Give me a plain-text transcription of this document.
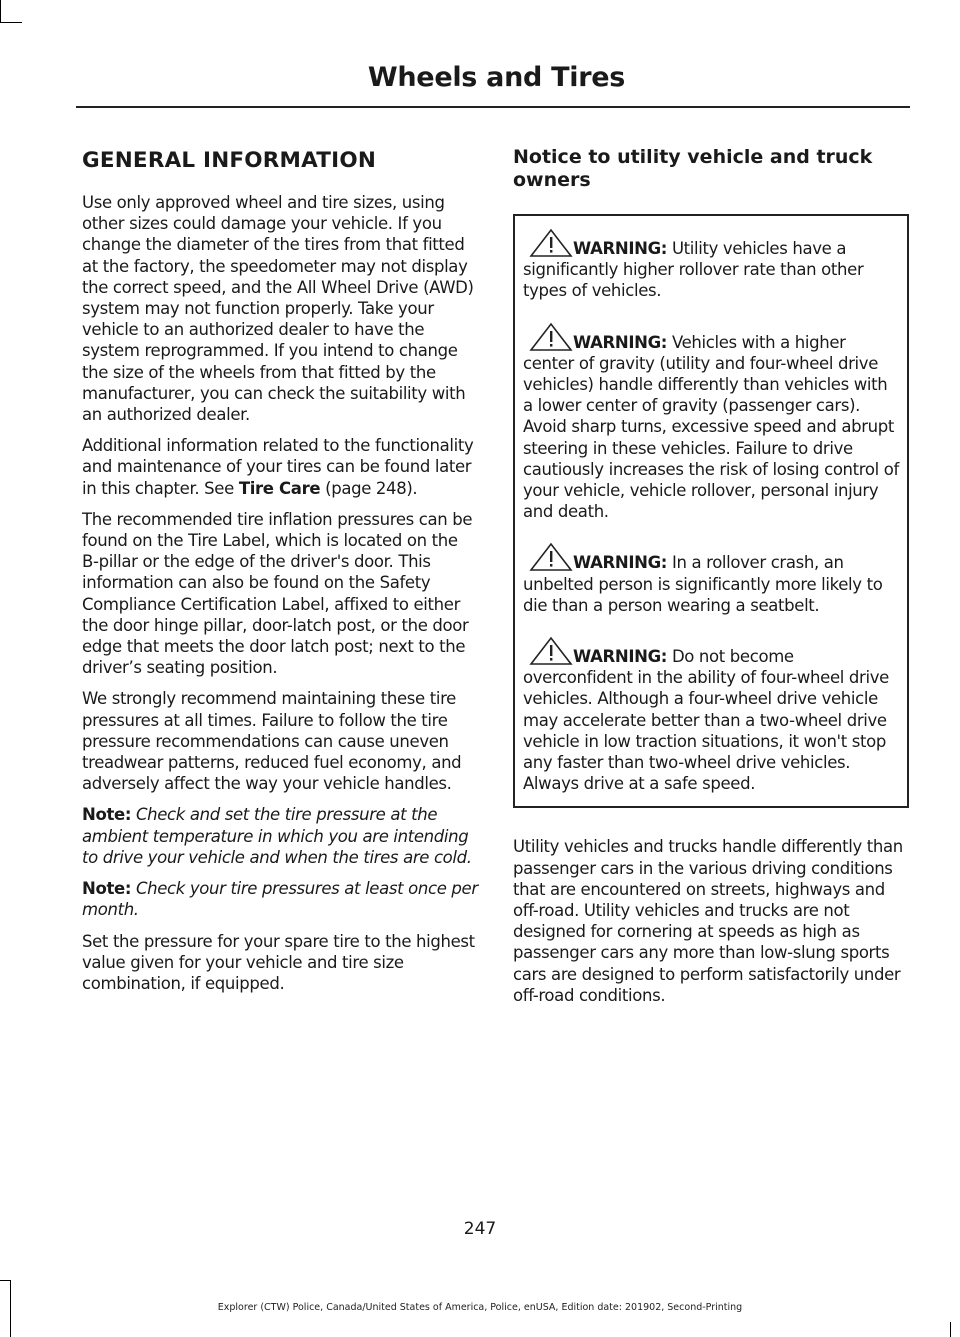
Wheels and Tires
GENERAL INFORMATION

Use only approved wheel and tire sizes, using other sizes could damage your vehicle. If you change the diameter of the tires from that fitted at the factory, the speedometer may not display the correct speed, and the All Wheel Drive (AWD) system may not function properly. Take your vehicle to an authorized dealer to have the system reprogrammed. If you intend to change the size of the wheels from that fitted by the manufacturer, you can check the suitability with an authorized dealer.

Additional information related to the functionality and maintenance of your tires can be found later in this chapter. See Tire Care (page 248).

The recommended tire inflation pressures can be found on the Tire Label, which is located on the B-pillar or the edge of the driver's door. This information can also be found on the Safety Compliance Certification Label, affixed to either the door hinge pillar, door-latch post, or the door edge that meets the door latch post; next to the driver’s seating position.

We strongly recommend maintaining these tire pressures at all times. Failure to follow the tire pressure recommendations can cause uneven treadwear patterns, reduced fuel economy, and adversely affect the way your vehicle handles.

Note: Check and set the tire pressure at the ambient temperature in which you are intending to drive your vehicle and when the tires are cold.

Note: Check your tire pressures at least once per month.

Set the pressure for your spare tire to the highest value given for your vehicle and tire size combination, if equipped.

Notice to utility vehicle and truck owners
WARNING: Utility vehicles have a significantly higher rollover rate than other types of vehicles.
WARNING: Vehicles with a higher center of gravity (utility and four-wheel drive vehicles) handle differently than vehicles with a lower center of gravity (passenger cars). Avoid sharp turns, excessive speed and abrupt steering in these vehicles. Failure to drive cautiously increases the risk of losing control of your vehicle, vehicle rollover, personal injury and death.
WARNING: In a rollover crash, an unbelted person is significantly more likely to die than a person wearing a seatbelt.
WARNING: Do not become overconfident in the ability of four-wheel drive vehicles. Although a four-wheel drive vehicle may accelerate better than a two-wheel drive vehicle in low traction situations, it won't stop any faster than two-wheel drive vehicles. Always drive at a safe speed.

Utility vehicles and trucks handle differently than passenger cars in the various driving conditions that are encountered on streets, highways and off-road. Utility vehicles and trucks are not designed for cornering at speeds as high as passenger cars any more than low-slung sports cars are designed to perform satisfactorily under off-road conditions.

247
Explorer (CTW) Police, Canada/United States of America, Police, enUSA, Edition date: 201902, Second-Printing
